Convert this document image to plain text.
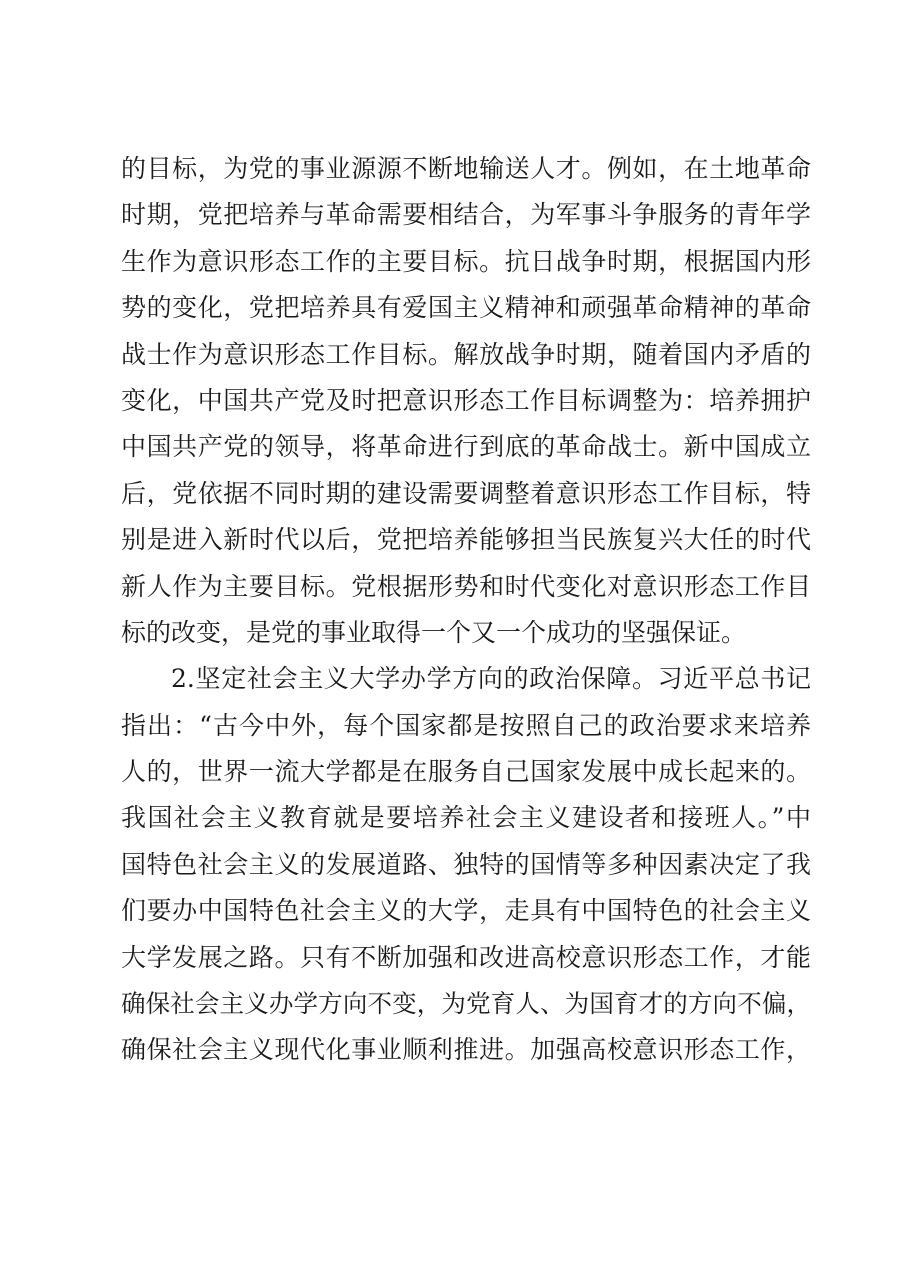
的目标，为党的事业源源不断地输送人才。例如，在土地革命
时期，党把培养与革命需要相结合，为军事斗争服务的青年学
生作为意识形态工作的主要目标。抗日战争时期，根据国内形
势的变化，党把培养具有爱国主义精神和顽强革命精神的革命
战士作为意识形态工作目标。解放战争时期，随着国内矛盾的
变化，中国共产党及时把意识形态工作目标调整为：培养拥护
中国共产党的领导，将革命进行到底的革命战士。新中国成立
后，党依据不同时期的建设需要调整着意识形态工作目标，特
别是进入新时代以后，党把培养能够担当民族复兴大任的时代
新人作为主要目标。党根据形势和时代变化对意识形态工作目
标的改变，是党的事业取得一个又一个成功的坚强保证。
2.坚定社会主义大学办学方向的政治保障。习近平总书记
指出：“古今中外，每个国家都是按照自己的政治要求来培养
人的，世界一流大学都是在服务自己国家发展中成长起来的。
我国社会主义教育就是要培养社会主义建设者和接班人。”中
国特色社会主义的发展道路、独特的国情等多种因素决定了我
们要办中国特色社会主义的大学，走具有中国特色的社会主义
大学发展之路。只有不断加强和改进高校意识形态工作，才能
确保社会主义办学方向不变，为党育人、为国育才的方向不偏，
确保社会主义现代化事业顺利推进。加强高校意识形态工作，
